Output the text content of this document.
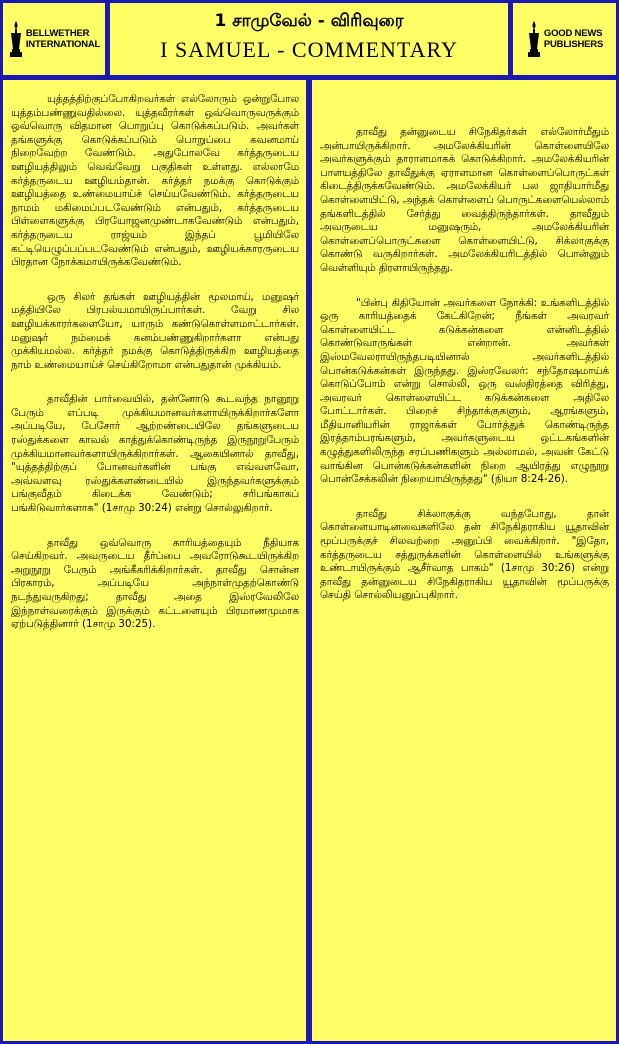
BELLWETHER
INTERNATIONAL
1 சாமுவேல் - விரிவுரை
I SAMUEL - COMMENTARY
GOOD NEWS
PUBLISHERS

யுத்தத்திற்குப்போகிறவர்கள் எல்லோரும் ஒன்றுபோல யுத்தம்பண்ணுவதில்லை. யுத்தவீரர்கள் ஒவ்வொருவருக்கும் ஒவ்வொரு விதமான பொறுப்பு கொடுக்கப்படும். அவர்கள் தங்களுக்கு கொடுக்கப்படும் பொறுப்பை கவனமாய் நிறைவேற்ற வேண்டும். அதுபோலவே கர்த்தருடைய ஊழியத்திலும் வெவ்வேறு பகுதிகள் உள்ளது. எல்லாமே கர்த்தருடைய ஊழியம்தான். கர்த்தர் நமக்கு கொடுக்கும் ஊழியத்தை உண்மையாய்ச் செய்யவேண்டும். கர்த்தருடைய நாமம் மகிமைப்படவேண்டும் என்பதும், கர்த்தருடைய பிள்ளைகளுக்கு பிரயோஜனமுண்டாகவேண்டும் என்பதும், கர்த்தருடைய ராஜ்யம் இந்தப் பூமியிலே கட்டியெழுப்பப்படவேண்டும் என்பதும், ஊழியக்காரருடைய பிரதான நோக்கமாயிருக்கவேண்டும்.

ஒரு சிலர் தங்கள் ஊழியத்தின் மூலமாய், மனுஷர் மத்தியிலே பிரபல்யமாயிருப்பார்கள். வேறு சில ஊழியக்காரர்களையோ, யாரும் கண்டுகொள்ளமாட்டார்கள். மனுஷர் நம்மைக் கனம்பண்ணுகிறார்களா என்பது முக்கியமல்ல. கர்த்தர் நமக்கு கொடுத்திருக்கிற ஊழியத்தை நாம் உண்மையாய்ச் செய்கிறோமா என்பதுதான் முக்கியம்.

தாவீதின் பார்வையில், தன்னோடு கூடவந்த நானூறு பேரும் எப்படி முக்கியமானவர்களாயிருக்கிறார்களோ அப்படியே, பேசோர் ஆற்றண்டையிலே தங்களுடைய ரஸ்துக்களை காவல் காத்துக்கொண்டிருந்த இருநூறுபேரும் முக்கியமானவர்களாயிருக்கிறார்கள். ஆகையினால் தாவீது, "யுத்தத்திற்குப் போனவர்களின் பங்கு எவ்வளவோ, அவ்வளவு ரஸ்துக்களண்டையில் இருந்தவர்களுக்கும் பங்குவீதம் கிடைக்க வேண்டும்; சரிபங்காகப் பங்கிடுவார்களாக" (1சாமு 30:24) என்று சொல்லுகிறார்.

தாவீது ஒவ்வொரு காரியத்தையும் நீதியாக செய்கிறவர். அவருடைய தீர்ப்பை அவரோடுகூடயிருக்கிற அறுநூறு பேரும் அங்கீகரிக்கிறார்கள். தாவீது சொன்ன பிரகாரம், அப்படியே அந்நாள்முதற்கொண்டு நடந்துவருகிறது; தாவீது அதை இஸ்ரவேலிலே இந்நாள்வரைக்கும் இருக்கும் கட்டளையும் பிரமாணமுமாக ஏற்படுத்தினார் (1சாமு 30:25).

தாவீது தன்னுடைய சிநேகிதர்கள் எல்லோர்மீதும் அன்பாயிருக்கிறார். அமலேக்கியரின் கொள்ளையிலே அவர்களுக்கும் தாராளமாகக் கொடுக்கிறார். அமலேக்கியரின் பாளயத்திலே தாவீதுக்கு ஏராளமான கொள்ளைப்பொருட்கள் கிடைத்திருக்கவேண்டும். அமலேக்கியர் பல ஜாதியார்மீது கொள்ளையிட்டு, அந்தக் கொள்ளைப் பொருட்களையெல்லாம் தங்களிடத்தில் சேர்த்து வைத்திருந்தார்கள். தாவீதும் அவருடைய மனுஷரும், அமலேக்கியரின் கொள்ளைப்பொருட்களை கொள்ளையிட்டு, சிக்லாகுக்கு கொண்டு வருகிறார்கள். அமலேக்கியரிடத்தில் பொன்னும் வெள்ளியும் திரளாயிருந்தது.

"பின்பு கிதியோன் அவர்களை நோக்கி: உங்களிடத்தில் ஒரு காரியத்தைக் கேட்கிறேன்; நீங்கள் அவரவர் கொள்ளையிட்ட கடுக்கன்களை என்னிடத்தில் கொண்டுவாருங்கள் என்றான். அவர்கள் இஸ்மவேலராயிருந்தபடியினால் அவர்களிடத்தில் பொன்கடுக்கன்கள் இருந்தது. இஸ்ரவேலர்: சந்தோஷமாய்க் கொடுப்போம் என்று சொல்லி, ஒரு வஸ்திரத்தை விரித்து, அவரவர் கொள்ளையிட்ட கடுக்கன்களை அதிலே போட்டார்கள். பிறைச் சிந்தாக்குகளும், ஆரங்களும், மீதியானியரின் ராஜாக்கள் போர்த்துக் கொண்டிருந்த இரத்தாம்பரங்களும், அவர்களுடைய ஒட்டகங்களின் கழுத்துகளிலிருந்த சரப்பணிகளும் அல்லாமல், அவன் கேட்டு வாங்கின பொன்கடுக்கன்களின் நிறை ஆயிரத்து எழுநூறு பொன்சேக்கலின் நிறையாயிருந்தது" (நியா 8:24-26).

தாவீது சிக்லாகுக்கு வந்தபோது, தான் கொள்ளையாடினவைகளிலே தன் சிநேகிதராகிய யூதாவின் மூப்பருக்குச் சிலவற்றை அனுப்பி வைக்கிறார். "இதோ, கர்த்தருடைய சத்துருக்களின் கொள்ளையில் உங்களுக்கு உண்டாயிருக்கும் ஆசீர்வாத பாகம்" (1சாமு 30:26) என்று தாவீது தன்னுடைய சிநேகிதராகிய யூதாவின் மூப்பருக்கு செய்தி சொல்லியனுப்புகிறார்.
